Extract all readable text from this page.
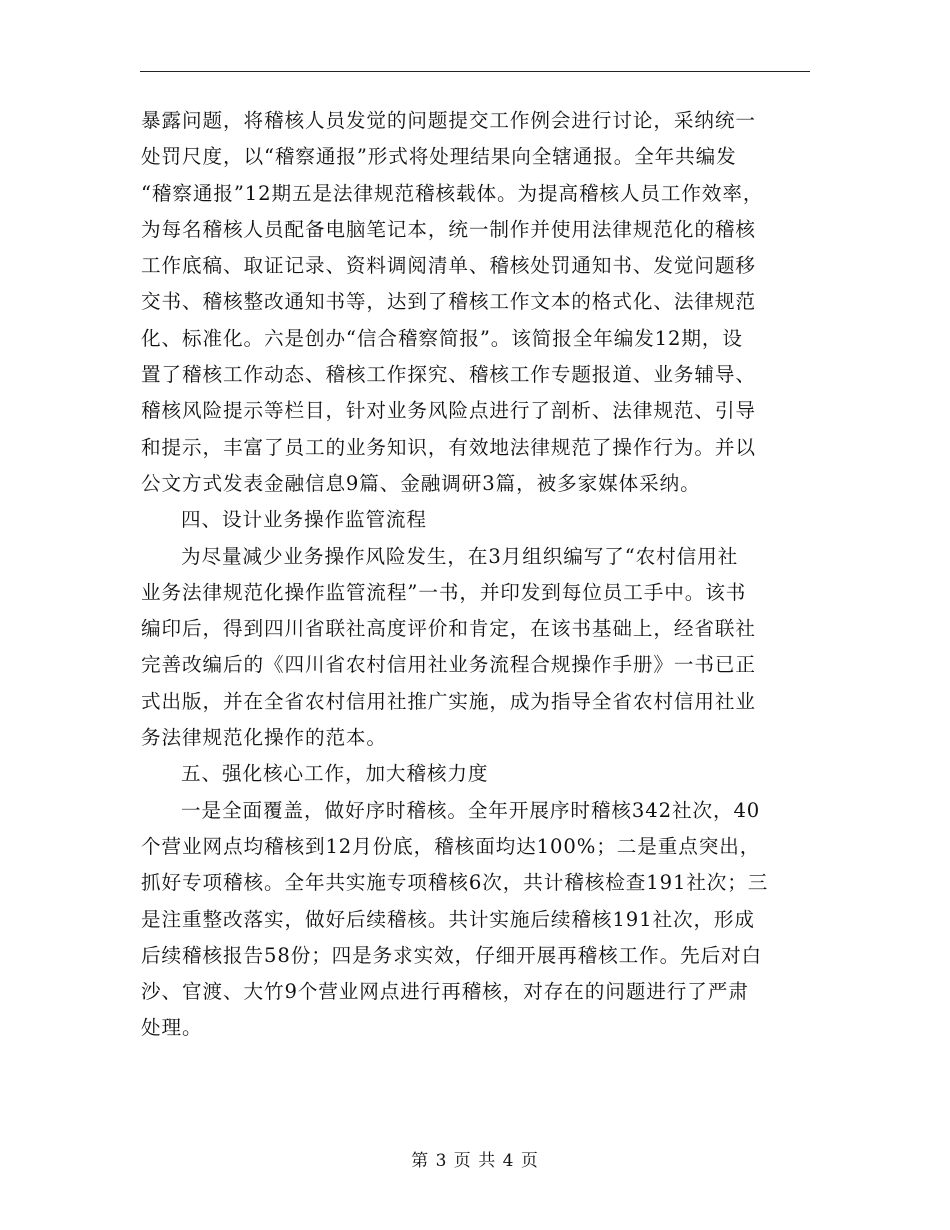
暴露问题，将稽核人员发觉的问题提交工作例会进行讨论，采纳统一
处罚尺度，以“稽察通报”形式将处理结果向全辖通报。全年共编发
“稽察通报”12期五是法律规范稽核载体。为提高稽核人员工作效率，
为每名稽核人员配备电脑笔记本，统一制作并使用法律规范化的稽核
工作底稿、取证记录、资料调阅清单、稽核处罚通知书、发觉问题移
交书、稽核整改通知书等，达到了稽核工作文本的格式化、法律规范
化、标准化。六是创办“信合稽察简报”。该简报全年编发12期，设
置了稽核工作动态、稽核工作探究、稽核工作专题报道、业务辅导、
稽核风险提示等栏目，针对业务风险点进行了剖析、法律规范、引导
和提示，丰富了员工的业务知识，有效地法律规范了操作行为。并以
公文方式发表金融信息9篇、金融调研3篇，被多家媒体采纳。
四、设计业务操作监管流程
为尽量减少业务操作风险发生，在3月组织编写了“农村信用社
业务法律规范化操作监管流程”一书，并印发到每位员工手中。该书
编印后，得到四川省联社高度评价和肯定，在该书基础上，经省联社
完善改编后的《四川省农村信用社业务流程合规操作手册》一书已正
式出版，并在全省农村信用社推广实施，成为指导全省农村信用社业
务法律规范化操作的范本。
五、强化核心工作，加大稽核力度
一是全面覆盖，做好序时稽核。全年开展序时稽核342社次，40
个营业网点均稽核到12月份底，稽核面均达100%；二是重点突出，
抓好专项稽核。全年共实施专项稽核6次，共计稽核检查191社次；三
是注重整改落实，做好后续稽核。共计实施后续稽核191社次，形成
后续稽核报告58份；四是务求实效，仔细开展再稽核工作。先后对白
沙、官渡、大竹9个营业网点进行再稽核，对存在的问题进行了严肃
处理。
第 3 页 共 4 页
